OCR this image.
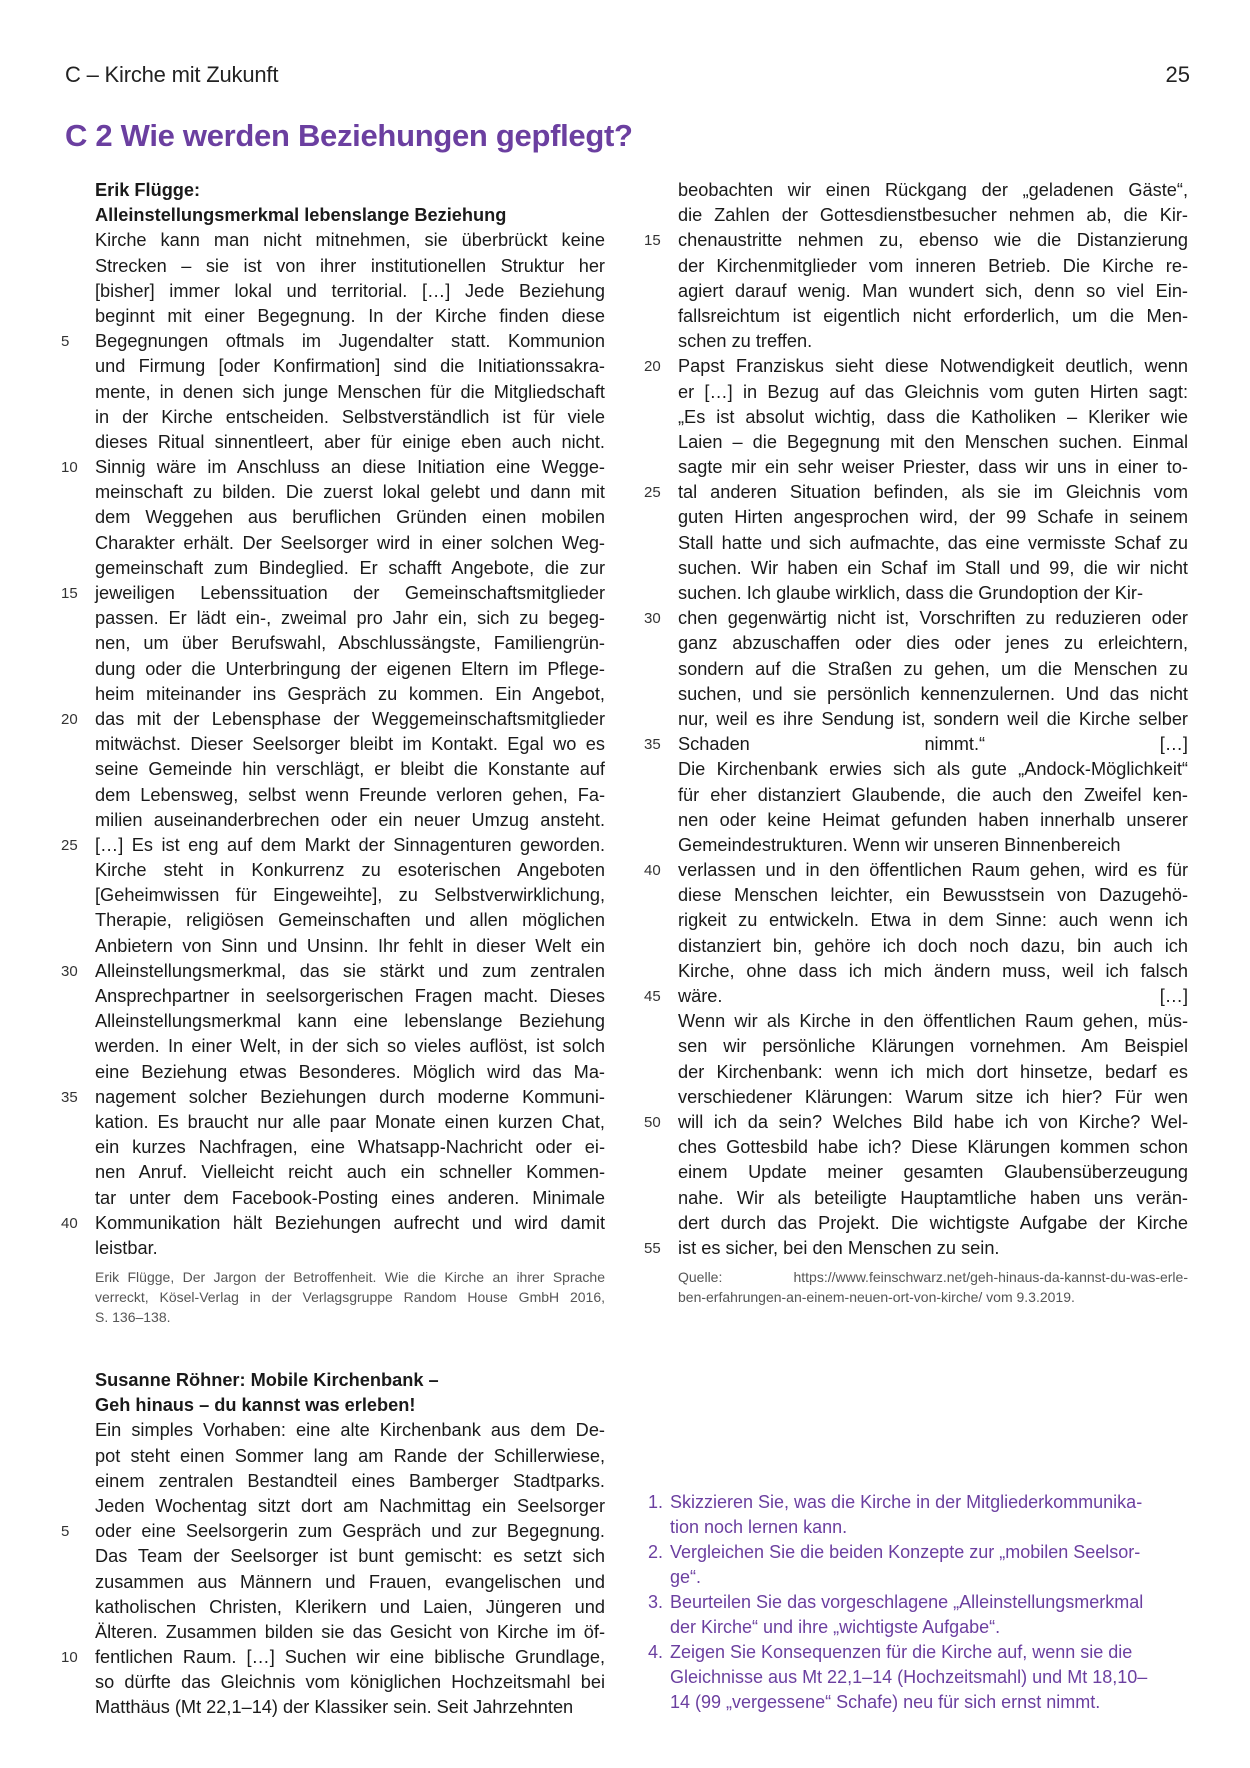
C – Kirche mit Zukunft	25
C 2 Wie werden Beziehungen gepflegt?
Erik Flügge:
Alleinstellungsmerkmal lebenslange Beziehung
Kirche kann man nicht mitnehmen, sie überbrückt keine
Strecken – sie ist von ihrer institutionellen Struktur her
[bisher] immer lokal und territorial. […] Jede Beziehung
beginnt mit einer Begegnung. In der Kirche finden diese
5	Begegnungen oftmals im Jugendalter statt. Kommunion
und Firmung [oder Konfirmation] sind die Initiationssakra-
mente, in denen sich junge Menschen für die Mitgliedschaft
in der Kirche entscheiden. Selbstverständlich ist für viele
dieses Ritual sinnentleert, aber für einige eben auch nicht.
10 Sinnig wäre im Anschluss an diese Initiation eine Wegge-
meinschaft zu bilden. Die zuerst lokal gelebt und dann mit
dem Weggehen aus beruflichen Gründen einen mobilen
Charakter erhält. Der Seelsorger wird in einer solchen Weg-
gemeinschaft zum Bindeglied. Er schafft Angebote, die zur
15 jeweiligen Lebenssituation der Gemeinschaftsmitglieder
passen. Er lädt ein-, zweimal pro Jahr ein, sich zu begeg-
nen, um über Berufswahl, Abschlussängste, Familiengrün-
dung oder die Unterbringung der eigenen Eltern im Pflege-
heim miteinander ins Gespräch zu kommen. Ein Angebot,
20 das mit der Lebensphase der Weggemeinschaftsmitglieder
mitwächst. Dieser Seelsorger bleibt im Kontakt. Egal wo es
seine Gemeinde hin verschlägt, er bleibt die Konstante auf
dem Lebensweg, selbst wenn Freunde verloren gehen, Fa-
milien auseinanderbrechen oder ein neuer Umzug ansteht.
25 […] Es ist eng auf dem Markt der Sinnagenturen geworden.
Kirche steht in Konkurrenz zu esoterischen Angeboten
[Geheimwissen für Eingeweihte], zu Selbstverwirklichung,
Therapie, religiösen Gemeinschaften und allen möglichen
Anbietern von Sinn und Unsinn. Ihr fehlt in dieser Welt ein
30 Alleinstellungsmerkmal, das sie stärkt und zum zentralen
Ansprechpartner in seelsorgerischen Fragen macht. Dieses
Alleinstellungsmerkmal kann eine lebenslange Beziehung
werden. In einer Welt, in der sich so vieles auflöst, ist solch
eine Beziehung etwas Besonderes. Möglich wird das Ma-
35 nagement solcher Beziehungen durch moderne Kommuni-
kation. Es braucht nur alle paar Monate einen kurzen Chat,
ein kurzes Nachfragen, eine Whatsapp-Nachricht oder ei-
nen Anruf. Vielleicht reicht auch ein schneller Kommen-
tar unter dem Facebook-Posting eines anderen. Minimale
40 Kommunikation hält Beziehungen aufrecht und wird damit
leistbar.
Erik Flügge, Der Jargon der Betroffenheit. Wie die Kirche an ihrer Sprache
verreckt, Kösel-Verlag in der Verlagsgruppe Random House GmbH 2016,
S. 136–138.
Susanne Röhner: Mobile Kirchenbank –
Geh hinaus – du kannst was erleben!
Ein simples Vorhaben: eine alte Kirchenbank aus dem De-
pot steht einen Sommer lang am Rande der Schillerwiese,
einem zentralen Bestandteil eines Bamberger Stadtparks.
Jeden Wochentag sitzt dort am Nachmittag ein Seelsorger
5	oder eine Seelsorgerin zum Gespräch und zur Begegnung.
Das Team der Seelsorger ist bunt gemischt: es setzt sich
zusammen aus Männern und Frauen, evangelischen und
katholischen Christen, Klerikern und Laien, Jüngeren und
Älteren. Zusammen bilden sie das Gesicht von Kirche im öf-
10 fentlichen Raum. […] Suchen wir eine biblische Grundlage,
so dürfte das Gleichnis vom königlichen Hochzeitsmahl bei
Matthäus (Mt 22,1–14) der Klassiker sein. Seit Jahrzehnten
beobachten wir einen Rückgang der „geladenen Gäste“,
die Zahlen der Gottesdienstbesucher nehmen ab, die Kir-
15 chenaustritte nehmen zu, ebenso wie die Distanzierung
der Kirchenmitglieder vom inneren Betrieb. Die Kirche re-
agiert darauf wenig. Man wundert sich, denn so viel Ein-
fallsreichtum ist eigentlich nicht erforderlich, um die Men-
schen zu treffen.
20 Papst Franziskus sieht diese Notwendigkeit deutlich, wenn
er […] in Bezug auf das Gleichnis vom guten Hirten sagt:
„Es ist absolut wichtig, dass die Katholiken – Kleriker wie
Laien – die Begegnung mit den Menschen suchen. Einmal
sagte mir ein sehr weiser Priester, dass wir uns in einer to-
25 tal anderen Situation befinden, als sie im Gleichnis vom
guten Hirten angesprochen wird, der 99 Schafe in seinem
Stall hatte und sich aufmachte, das eine vermisste Schaf zu
suchen. Wir haben ein Schaf im Stall und 99, die wir nicht
suchen. Ich glaube wirklich, dass die Grundoption der Kir-
30 chen gegenwärtig nicht ist, Vorschriften zu reduzieren oder
ganz abzuschaffen oder dies oder jenes zu erleichtern,
sondern auf die Straßen zu gehen, um die Menschen zu
suchen, und sie persönlich kennenzulernen. Und das nicht
nur, weil es ihre Sendung ist, sondern weil die Kirche selber
35 Schaden nimmt.“ […]
Die Kirchenbank erwies sich als gute „Andock-Möglichkeit“
für eher distanziert Glaubende, die auch den Zweifel ken-
nen oder keine Heimat gefunden haben innerhalb unserer
Gemeindestrukturen. Wenn wir unseren Binnenbereich
40 verlassen und in den öffentlichen Raum gehen, wird es für
diese Menschen leichter, ein Bewusstsein von Dazugehö-
rigkeit zu entwickeln. Etwa in dem Sinne: auch wenn ich
distanziert bin, gehöre ich doch noch dazu, bin auch ich
Kirche, ohne dass ich mich ändern muss, weil ich falsch
45 wäre. […]
Wenn wir als Kirche in den öffentlichen Raum gehen, müs-
sen wir persönliche Klärungen vornehmen. Am Beispiel
der Kirchenbank: wenn ich mich dort hinsetze, bedarf es
verschiedener Klärungen: Warum sitze ich hier? Für wen
50 will ich da sein? Welches Bild habe ich von Kirche? Wel-
ches Gottesbild habe ich? Diese Klärungen kommen schon
einem Update meiner gesamten Glaubensüberzeugung
nahe. Wir als beteiligte Hauptamtliche haben uns verän-
dert durch das Projekt. Die wichtigste Aufgabe der Kirche
55 ist es sicher, bei den Menschen zu sein.
Quelle: https://www.feinschwarz.net/geh-hinaus-da-kannst-du-was-erle-
ben-erfahrungen-an-einem-neuen-ort-von-kirche/ vom 9.3.2019.
1. Skizzieren Sie, was die Kirche in der Mitgliederkommunika-
tion noch lernen kann.
2. Vergleichen Sie die beiden Konzepte zur „mobilen Seelsor-
ge“.
3. Beurteilen Sie das vorgeschlagene „Alleinstellungsmerkmal
der Kirche“ und ihre „wichtigste Aufgabe“.
4. Zeigen Sie Konsequenzen für die Kirche auf, wenn sie die
Gleichnisse aus Mt 22,1–14 (Hochzeitsmahl) und Mt 18,10–
14 (99 „vergessene“ Schafe) neu für sich ernst nimmt.
